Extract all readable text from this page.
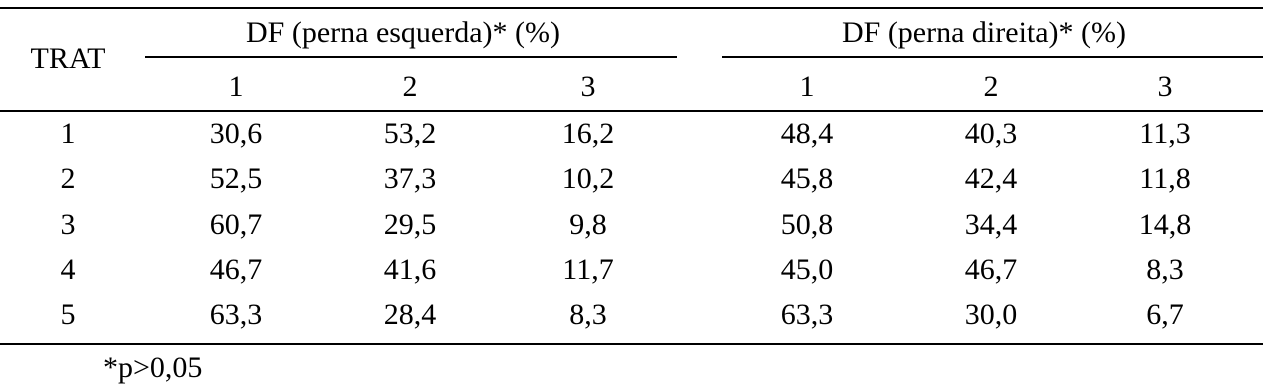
TRAT
DF (perna esquerda)* (%)	DF (perna direita)* (%)
1	2	3	1	2	3
1	30,6	53,2	16,2	48,4	40,3	11,3
2	52,5	37,3	10,2	45,8	42,4	11,8
3	60,7	29,5	9,8	50,8	34,4	14,8
4	46,7	41,6	11,7	45,0	46,7	8,3
5	63,3	28,4	8,3	63,3	30,0	6,7
*p>0,05
